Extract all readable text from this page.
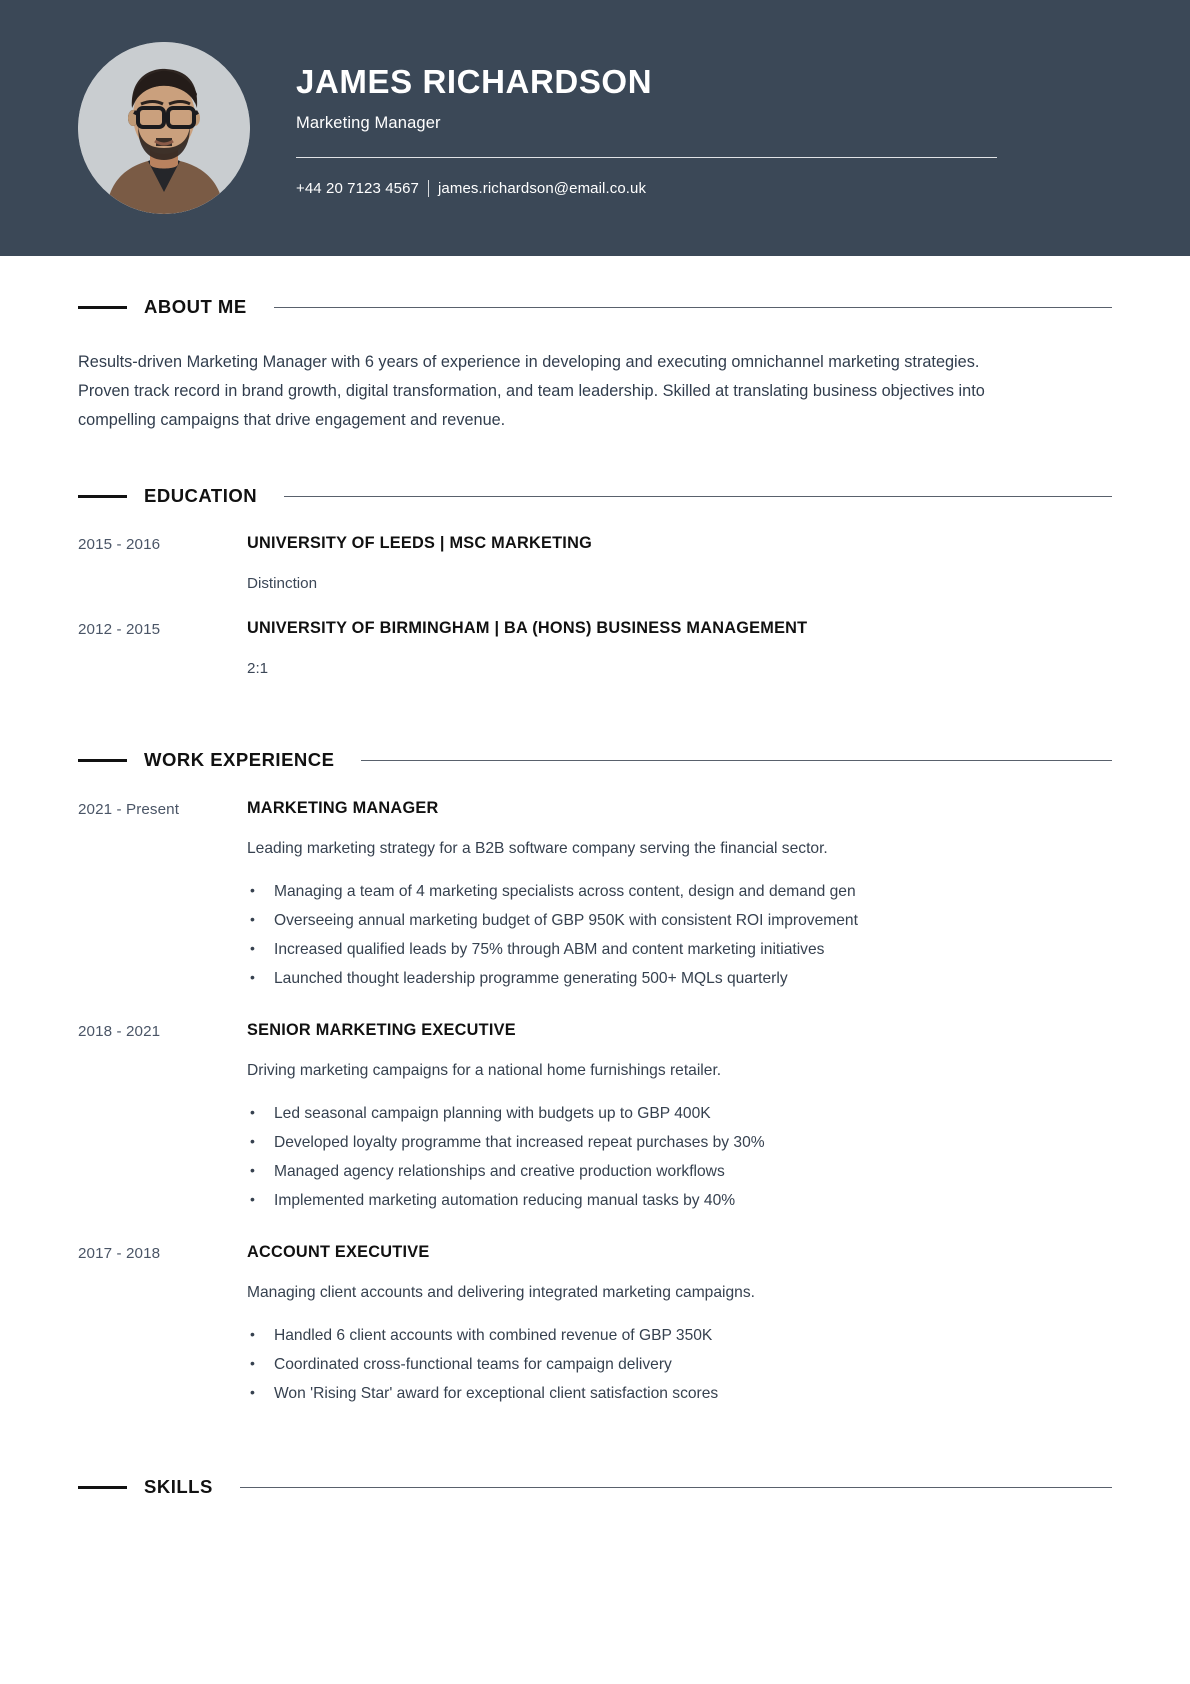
JAMES RICHARDSON
Marketing Manager
+44 20 7123 4567 james.richardson@email.co.uk
ABOUT ME

Results-driven Marketing Manager with 6 years of experience in developing and executing omnichannel marketing strategies. Proven track record in brand growth, digital transformation, and team leadership. Skilled at translating business objectives into compelling campaigns that drive engagement and revenue.

EDUCATION
2015 - 2016	UNIVERSITY OF LEEDS | MSC MARKETING
Distinction
2012 - 2015	UNIVERSITY OF BIRMINGHAM | BA (HONS) BUSINESS MANAGEMENT
2:1
WORK EXPERIENCE
2021 - Present	MARKETING MANAGER
Leading marketing strategy for a B2B software company serving the financial sector.
• Managing a team of 4 marketing specialists across content, design and demand gen
• Overseeing annual marketing budget of GBP 950K with consistent ROI improvement
• Increased qualified leads by 75% through ABM and content marketing initiatives
• Launched thought leadership programme generating 500+ MQLs quarterly
2018 - 2021	SENIOR MARKETING EXECUTIVE
Driving marketing campaigns for a national home furnishings retailer.
• Led seasonal campaign planning with budgets up to GBP 400K
• Developed loyalty programme that increased repeat purchases by 30%
• Managed agency relationships and creative production workflows
• Implemented marketing automation reducing manual tasks by 40%
2017 - 2018	ACCOUNT EXECUTIVE
Managing client accounts and delivering integrated marketing campaigns.
• Handled 6 client accounts with combined revenue of GBP 350K
• Coordinated cross-functional teams for campaign delivery
• Won 'Rising Star' award for exceptional client satisfaction scores
SKILLS
